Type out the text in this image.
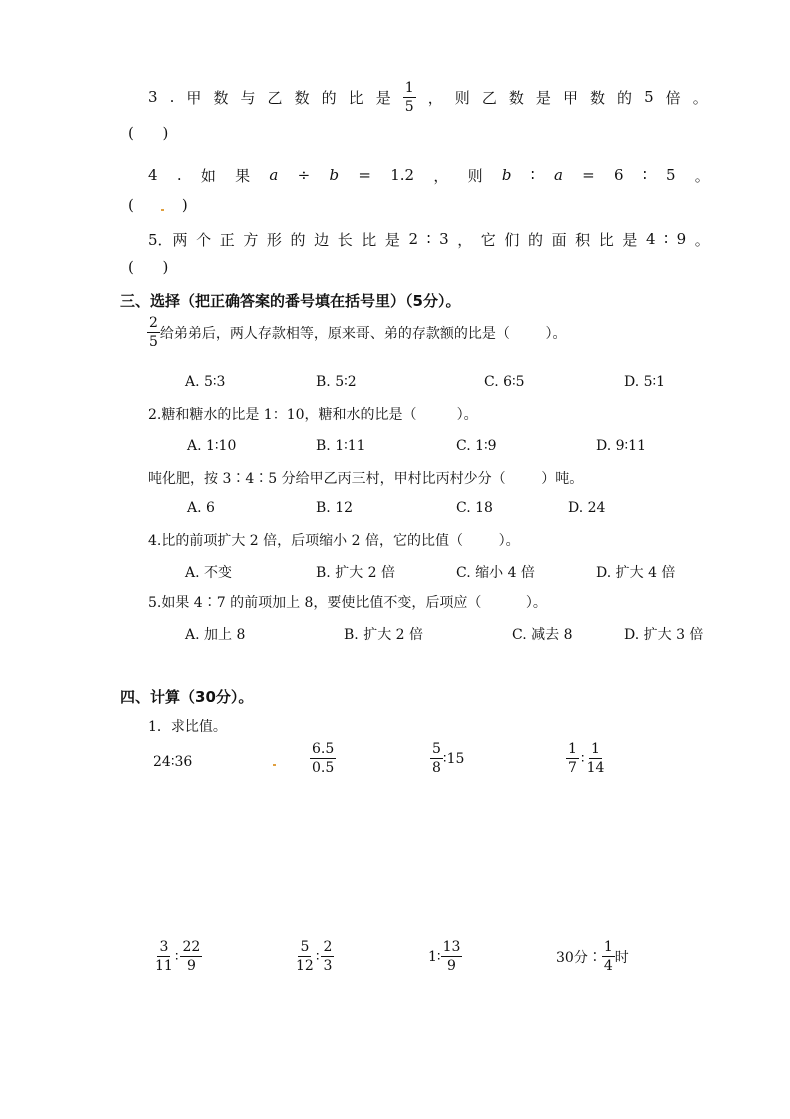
3 . 甲 数 与 乙 数 的 比 是 $\frac{1}{5}$ ， 则 乙 数 是 甲 数 的 5 倍 。
(      )
4 . 如 果 a ÷ b = 1.2 ， 则 b ∶ a = 6 ∶ 5 。
(	)
5．两 个 正 方 形 的 边 长 比 是 2 ∶ 3 ， 它 们 的 面 积 比 是 4 ∶ 9 。
(      )
三、选择（把正确答案的番号填在括号里）（5分）。
$\frac{2}{5}$ 给弟弟后，两人存款相等，原来哥、弟的存款额的比是（        ）。
A. 5∶3	B. 5∶2	C. 6∶5	D. 5∶1
2.糖和糖水的比是 1：10，糖和水的比是（         ）。
A. 1∶10	B. 1∶11	C. 1∶9	D. 9∶11
吨化肥，按 3∶4∶5 分给甲乙丙三村，甲村比丙村少分（        ）吨。
A. 6	B. 12	C. 18	D. 24
4.比的前项扩大 2 倍，后项缩小 2 倍，它的比值（        ）。
A. 不变	B. 扩大 2 倍	C. 缩小 4 倍	D. 扩大 4 倍
5.如果 4∶7 的前项加上 8，要使比值不变，后项应（          ）。
A. 加上 8	B. 扩大 2 倍	C. 减去 8	D. 扩大 3 倍
四、计算（30分）。
1．求比值。
24∶36	$\frac{6.5}{0.5}$	$\frac{5}{8}$ ∶15	$\frac{1}{7}$ ∶ $\frac{1}{14}$
$\frac{3}{11}$ ∶ $\frac{22}{9}$	$\frac{5}{12}$ ∶ $\frac{2}{3}$	1∶ $\frac{13}{9}$	30分∶ $\frac{1}{4}$ 时
